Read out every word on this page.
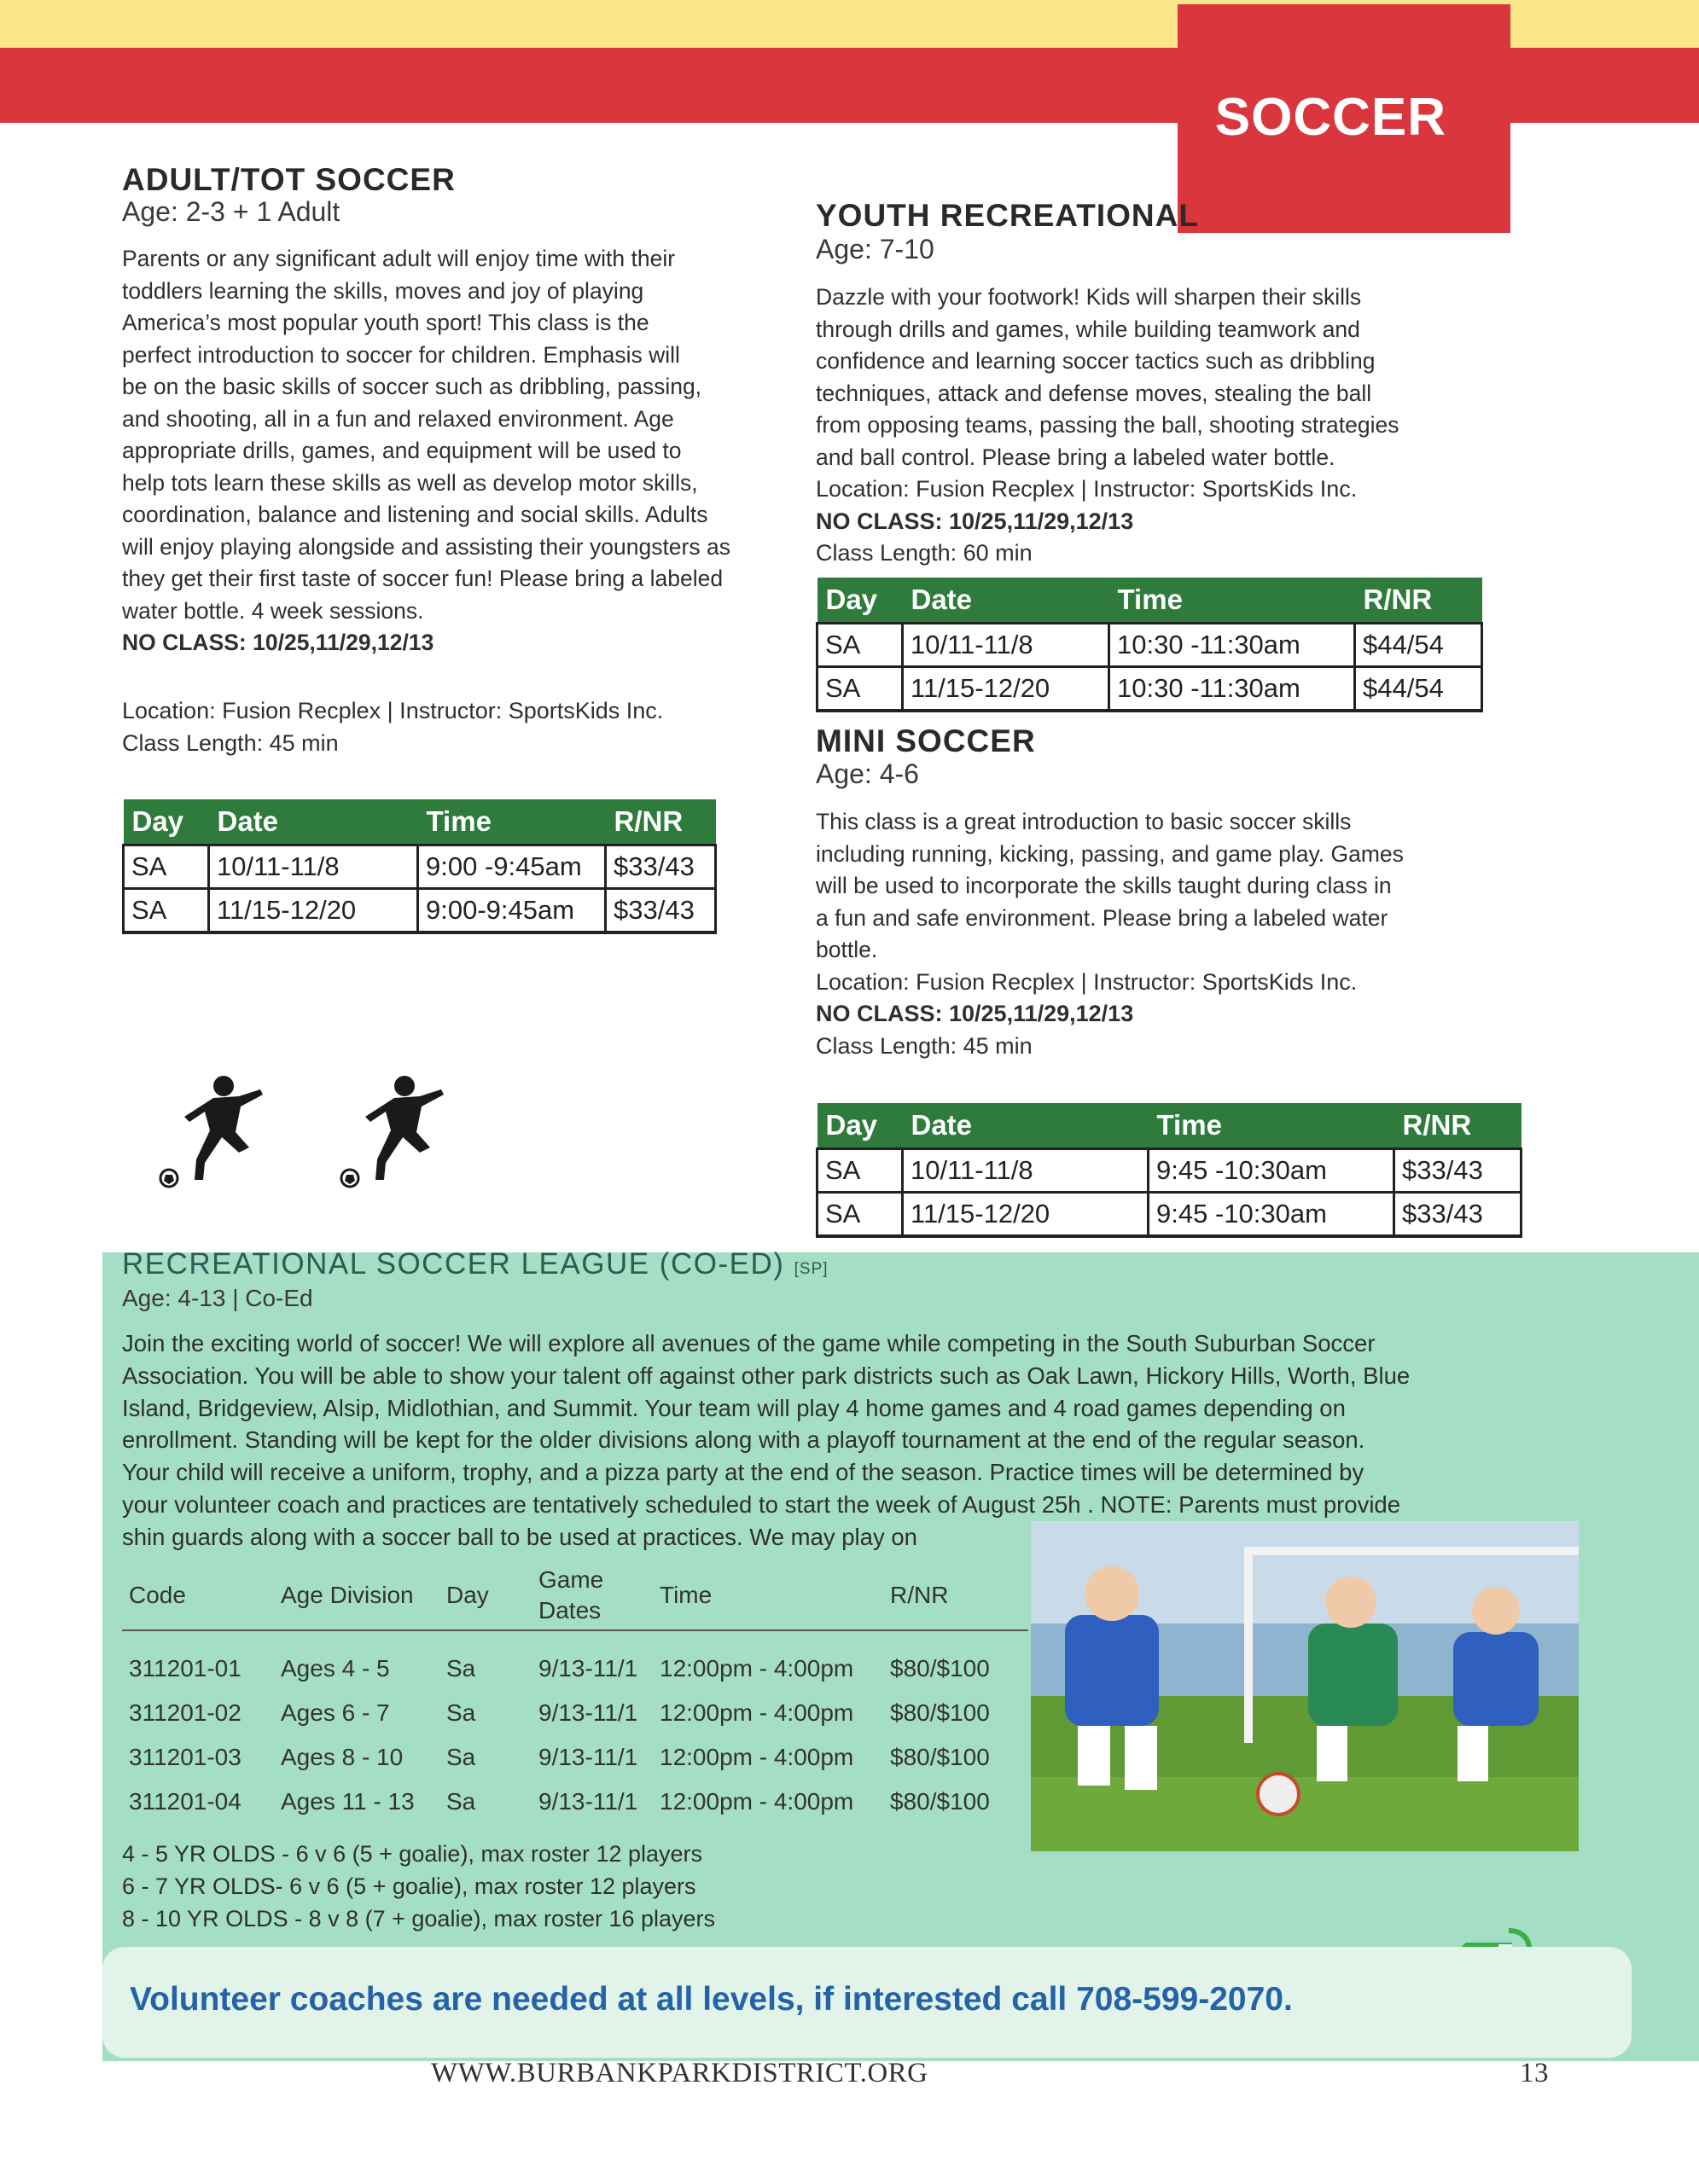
SOCCER
ADULT/TOT SOCCER
Age: 2-3 + 1 Adult
Parents or any significant adult will enjoy time with their
toddlers learning the skills, moves and joy of playing
America’s most popular youth sport! This class is the
perfect introduction to soccer for children. Emphasis will
be on the basic skills of soccer such as dribbling, passing,
and shooting, all in a fun and relaxed environment. Age
appropriate drills, games, and equipment will be used to
help tots learn these skills as well as develop motor skills,
coordination, balance and listening and social skills. Adults
will enjoy playing alongside and assisting their youngsters as
they get their first taste of soccer fun! Please bring a labeled
water bottle. 4 week sessions.
NO CLASS: 10/25,11/29,12/13
Location: Fusion Recplex | Instructor: SportsKids Inc.
Class Length: 45 min
Day	Date	Time	R/NR
SA	10/11-11/8	9:00 -9:45am	$33/43
SA	11/15-12/20	9:00-9:45am	$33/43
YOUTH RECREATIONAL
Age: 7-10
Dazzle with your footwork! Kids will sharpen their skills
through drills and games, while building teamwork and
confidence and learning soccer tactics such as dribbling
techniques, attack and defense moves, stealing the ball
from opposing teams, passing the ball, shooting strategies
and ball control. Please bring a labeled water bottle.
Location: Fusion Recplex | Instructor: SportsKids Inc.
NO CLASS: 10/25,11/29,12/13
Class Length: 60 min
Day	Date	Time	R/NR
SA	10/11-11/8	10:30 -11:30am	$44/54
SA	11/15-12/20	10:30 -11:30am	$44/54
MINI SOCCER
Age: 4-6
This class is a great introduction to basic soccer skills
including running, kicking, passing, and game play. Games
will be used to incorporate the skills taught during class in
a fun and safe environment. Please bring a labeled water
bottle.
Location: Fusion Recplex | Instructor: SportsKids Inc.
NO CLASS: 10/25,11/29,12/13
Class Length: 45 min
Day	Date	Time	R/NR
SA	10/11-11/8	9:45 -10:30am	$33/43
SA	11/15-12/20	9:45 -10:30am	$33/43
RECREATIONAL SOCCER LEAGUE (CO-ED) [SP]
Age: 4-13 | Co-Ed
Join the exciting world of soccer! We will explore all avenues of the game while competing in the South Suburban Soccer
Association. You will be able to show your talent off against other park districts such as Oak Lawn, Hickory Hills, Worth, Blue
Island, Bridgeview, Alsip, Midlothian, and Summit. Your team will play 4 home games and 4 road games depending on
enrollment. Standing will be kept for the older divisions along with a playoff tournament at the end of the regular season.
Your child will receive a uniform, trophy, and a pizza party at the end of the season. Practice times will be determined by
your volunteer coach and practices are tentatively scheduled to start the week of August 25h . NOTE: Parents must provide
shin guards along with a soccer ball to be used at practices. We may play on
Code	Age Division	Day	Game Dates	Time	R/NR

311201-01	Ages 4 - 5	Sa	9/13-11/1	12:00pm - 4:00pm	$80/$100
311201-02	Ages 6 - 7	Sa	9/13-11/1	12:00pm - 4:00pm	$80/$100
311201-03	Ages 8 - 10	Sa	9/13-11/1	12:00pm - 4:00pm	$80/$100
311201-04	Ages 11 - 13	Sa	9/13-11/1	12:00pm - 4:00pm	$80/$100
4 - 5 YR OLDS - 6 v 6 (5 + goalie), max roster 12 players
6 - 7 YR OLDS- 6 v 6 (5 + goalie), max roster 12 players
8 - 10 YR OLDS - 8 v 8 (7 + goalie), max roster 16 players
Volunteer coaches are needed at all levels, if interested call 708-599-2070.
WWW.BURBANKPARKDISTRICT.ORG	13
